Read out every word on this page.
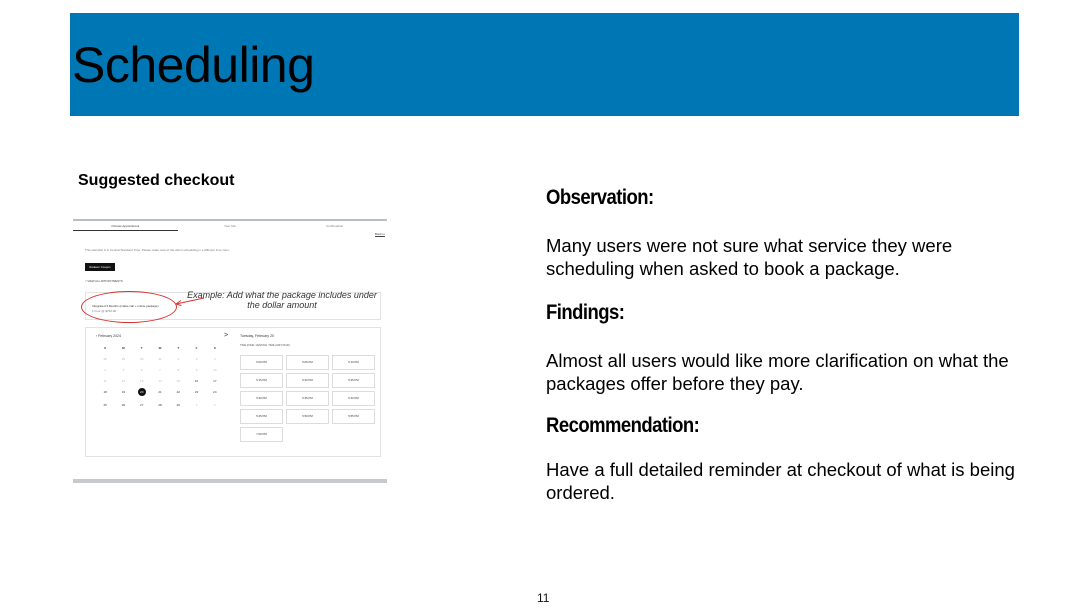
Scheduling
Suggested checkout
Choose Appointment	Your Info	Confirmation
Back to
This calendar is in Central Standard Time. Please make note of this when scheduling in a different time zone.
Redeem Coupon
< VIEW ALL APPOINTMENTS
Integrated 3 Months (intake call + online package)
1 hour @ $750.00
Example: Add what the package includes under the dollar amount
‹ February 2024	>
S	M	T	W	T	F	S
28	29	30	31	1	2	3
4	5	6	7	8	9	10
11	12	13	14	15	16	17
18	19	20	21	22	23	24
25	26	27	28	29	1	2
Tuesday, February 20
TIME ZONE: CENTRAL TIME (GMT-06:00)
5:00 PM	5:05 PM	5:10 PM
5:15 PM	5:20 PM	5:25 PM
5:30 PM	5:35 PM	5:40 PM
5:45 PM	5:50 PM	5:55 PM
7:00 PM
Observation:
Many users were not sure what service they were scheduling when asked to book a package.
Findings:
Almost all users would like more clarification on what the packages offer before they pay.
Recommendation:
Have a full detailed reminder at checkout of what is being ordered.
11
